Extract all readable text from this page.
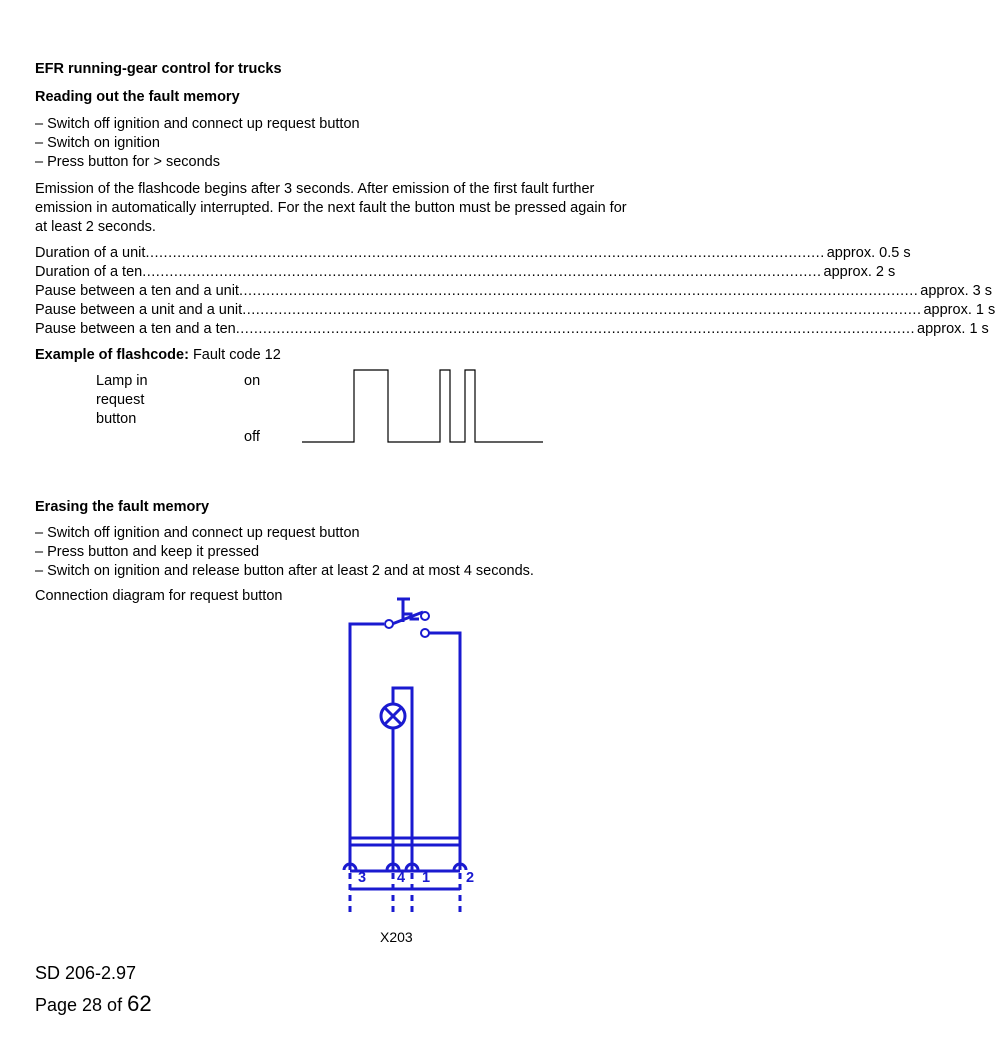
EFR running-gear control for trucks
Reading out the fault memory
– Switch off ignition and connect up request button
– Switch on ignition
– Press button for > seconds
Emission of the flashcode begins after 3 seconds. After emission of the first fault further
emission in automatically interrupted. For the next fault the button must be pressed again for
at least 2 seconds.
Duration of a unit ...................................................................................................................................................... approx. 0.5 s
Duration of a ten ...................................................................................................................................................... approx. 2 s
Pause between a ten and a unit ...................................................................................................................................................... approx. 3 s
Pause between a unit and a unit ...................................................................................................................................................... approx. 1 s
Pause between a ten and a ten ...................................................................................................................................................... approx. 1 s
Example of flashcode: Fault code 12
Lamp in
request
button
on
off
Erasing the fault memory
– Switch off ignition and connect up request button
– Press button and keep it pressed
– Switch on ignition and release button after at least 2 and at most 4 seconds.
Connection diagram for request button
3 4 1 2
X203
SD 206-2.97
Page 28 of 62
